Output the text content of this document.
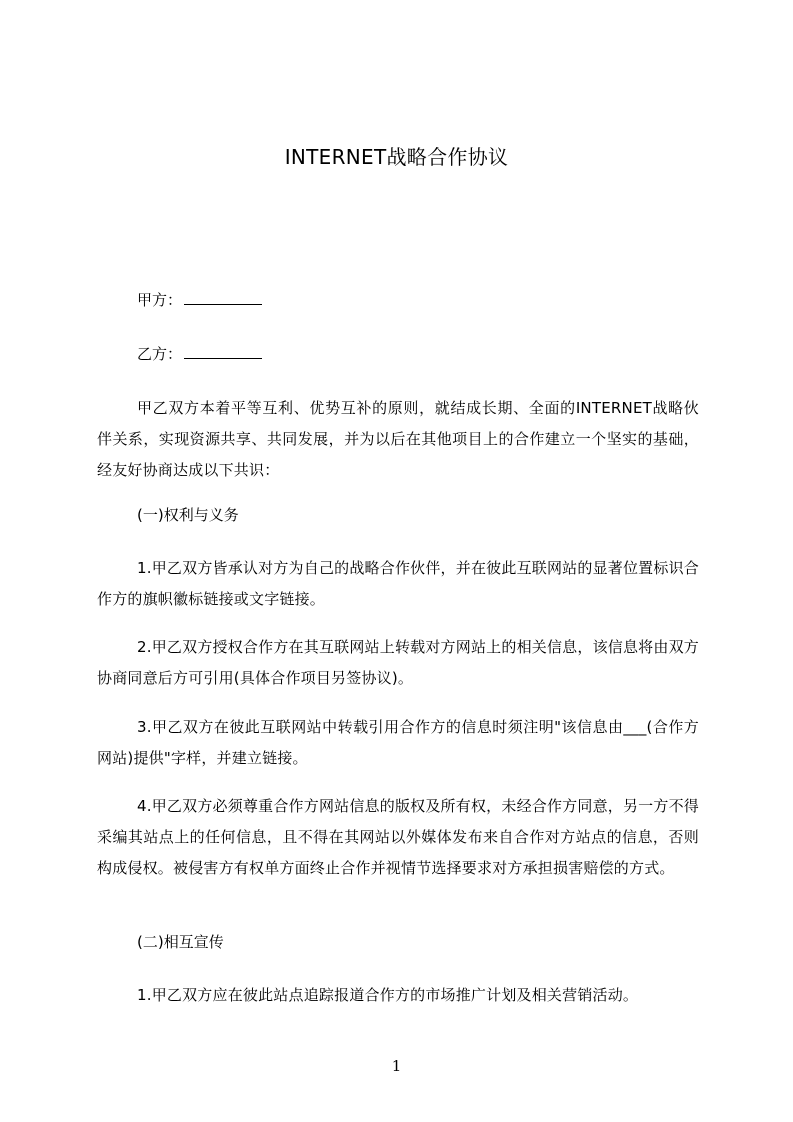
INTERNET战略合作协议
甲方：
乙方：

甲乙双方本着平等互利、优势互补的原则，就结成长期、全面的INTERNET战略伙伴关系，实现资源共享、共同发展，并为以后在其他项目上的合作建立一个坚实的基础，经友好协商达成以下共识：

(一)权利与义务

1.甲乙双方皆承认对方为自己的战略合作伙伴，并在彼此互联网站的显著位置标识合作方的旗帜徽标链接或文字链接。

2.甲乙双方授权合作方在其互联网站上转载对方网站上的相关信息，该信息将由双方协商同意后方可引用(具体合作项目另签协议)。

3.甲乙双方在彼此互联网站中转载引用合作方的信息时须注明"该信息由___(合作方网站)提供"字样，并建立链接。

4.甲乙双方必须尊重合作方网站信息的版权及所有权，未经合作方同意，另一方不得采编其站点上的任何信息，且不得在其网站以外媒体发布来自合作对方站点的信息，否则构成侵权。被侵害方有权单方面终止合作并视情节选择要求对方承担损害赔偿的方式。

(二)相互宣传

1.甲乙双方应在彼此站点追踪报道合作方的市场推广计划及相关营销活动。

1
